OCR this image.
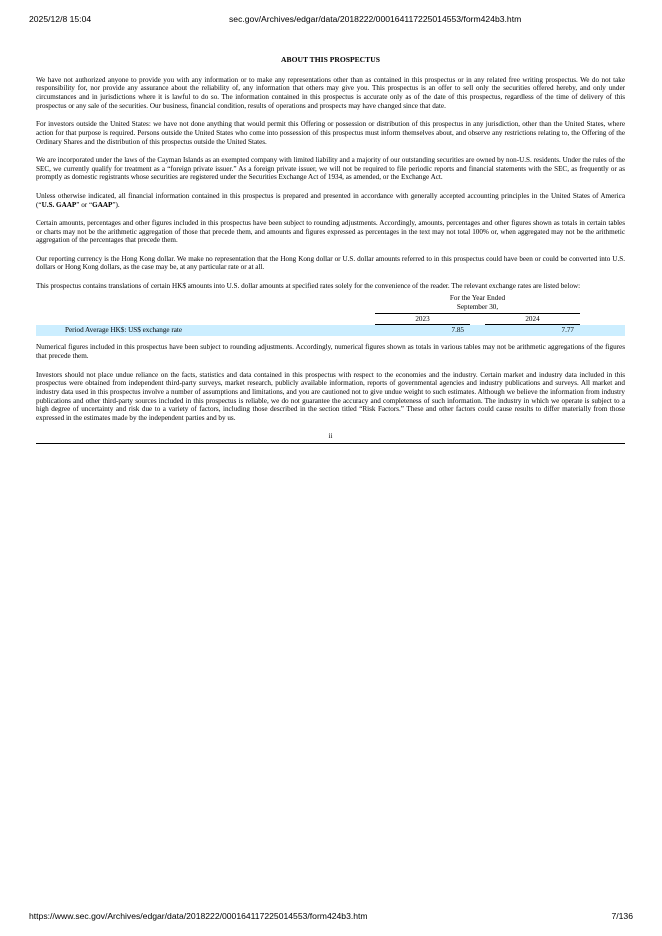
2025/12/8 15:04	sec.gov/Archives/edgar/data/2018222/000164117225014553/form424b3.htm
ABOUT THIS PROSPECTUS

We have not authorized anyone to provide you with any information or to make any representations other than as contained in this prospectus or in any related free writing prospectus. We do not take responsibility for, nor provide any assurance about the reliability of, any information that others may give you. This prospectus is an offer to sell only the securities offered hereby, and only under circumstances and in jurisdictions where it is lawful to do so. The information contained in this prospectus is accurate only as of the date of this prospectus, regardless of the time of delivery of this prospectus or any sale of the securities. Our business, financial condition, results of operations and prospects may have changed since that date.

For investors outside the United States: we have not done anything that would permit this Offering or possession or distribution of this prospectus in any jurisdiction, other than the United States, where action for that purpose is required. Persons outside the United States who come into possession of this prospectus must inform themselves about, and observe any restrictions relating to, the Offering of the Ordinary Shares and the distribution of this prospectus outside the United States.

We are incorporated under the laws of the Cayman Islands as an exempted company with limited liability and a majority of our outstanding securities are owned by non-U.S. residents. Under the rules of the SEC, we currently qualify for treatment as a “foreign private issuer.” As a foreign private issuer, we will not be required to file periodic reports and financial statements with the SEC, as frequently or as promptly as domestic registrants whose securities are registered under the Securities Exchange Act of 1934, as amended, or the Exchange Act.

Unless otherwise indicated, all financial information contained in this prospectus is prepared and presented in accordance with generally accepted accounting principles in the United States of America (“U.S. GAAP” or “GAAP”).

Certain amounts, percentages and other figures included in this prospectus have been subject to rounding adjustments. Accordingly, amounts, percentages and other figures shown as totals in certain tables or charts may not be the arithmetic aggregation of those that precede them, and amounts and figures expressed as percentages in the text may not total 100% or, when aggregated may not be the arithmetic aggregation of the percentages that precede them.

Our reporting currency is the Hong Kong dollar. We make no representation that the Hong Kong dollar or U.S. dollar amounts referred to in this prospectus could have been or could be converted into U.S. dollars or Hong Kong dollars, as the case may be, at any particular rate or at all.

This prospectus contains translations of certain HK$ amounts into U.S. dollar amounts at specified rates solely for the convenience of the reader. The relevant exchange rates are listed below:

	For the Year Ended
September 30,			

	2023		2024	
Period Average HK$: US$ exchange rate	7.85		7.77	

Numerical figures included in this prospectus have been subject to rounding adjustments. Accordingly, numerical figures shown as totals in various tables may not be arithmetic aggregations of the figures that precede them.

Investors should not place undue reliance on the facts, statistics and data contained in this prospectus with respect to the economies and the industry. Certain market and industry data included in this prospectus were obtained from independent third-party surveys, market research, publicly available information, reports of governmental agencies and industry publications and surveys. All market and industry data used in this prospectus involve a number of assumptions and limitations, and you are cautioned not to give undue weight to such estimates. Although we believe the information from industry publications and other third-party sources included in this prospectus is reliable, we do not guarantee the accuracy and completeness of such information. The industry in which we operate is subject to a high degree of uncertainty and risk due to a variety of factors, including those described in the section titled “Risk Factors.” These and other factors could cause results to differ materially from those expressed in the estimates made by the independent parties and by us.

ii
https://www.sec.gov/Archives/edgar/data/2018222/000164117225014553/form424b3.htm	7/136
